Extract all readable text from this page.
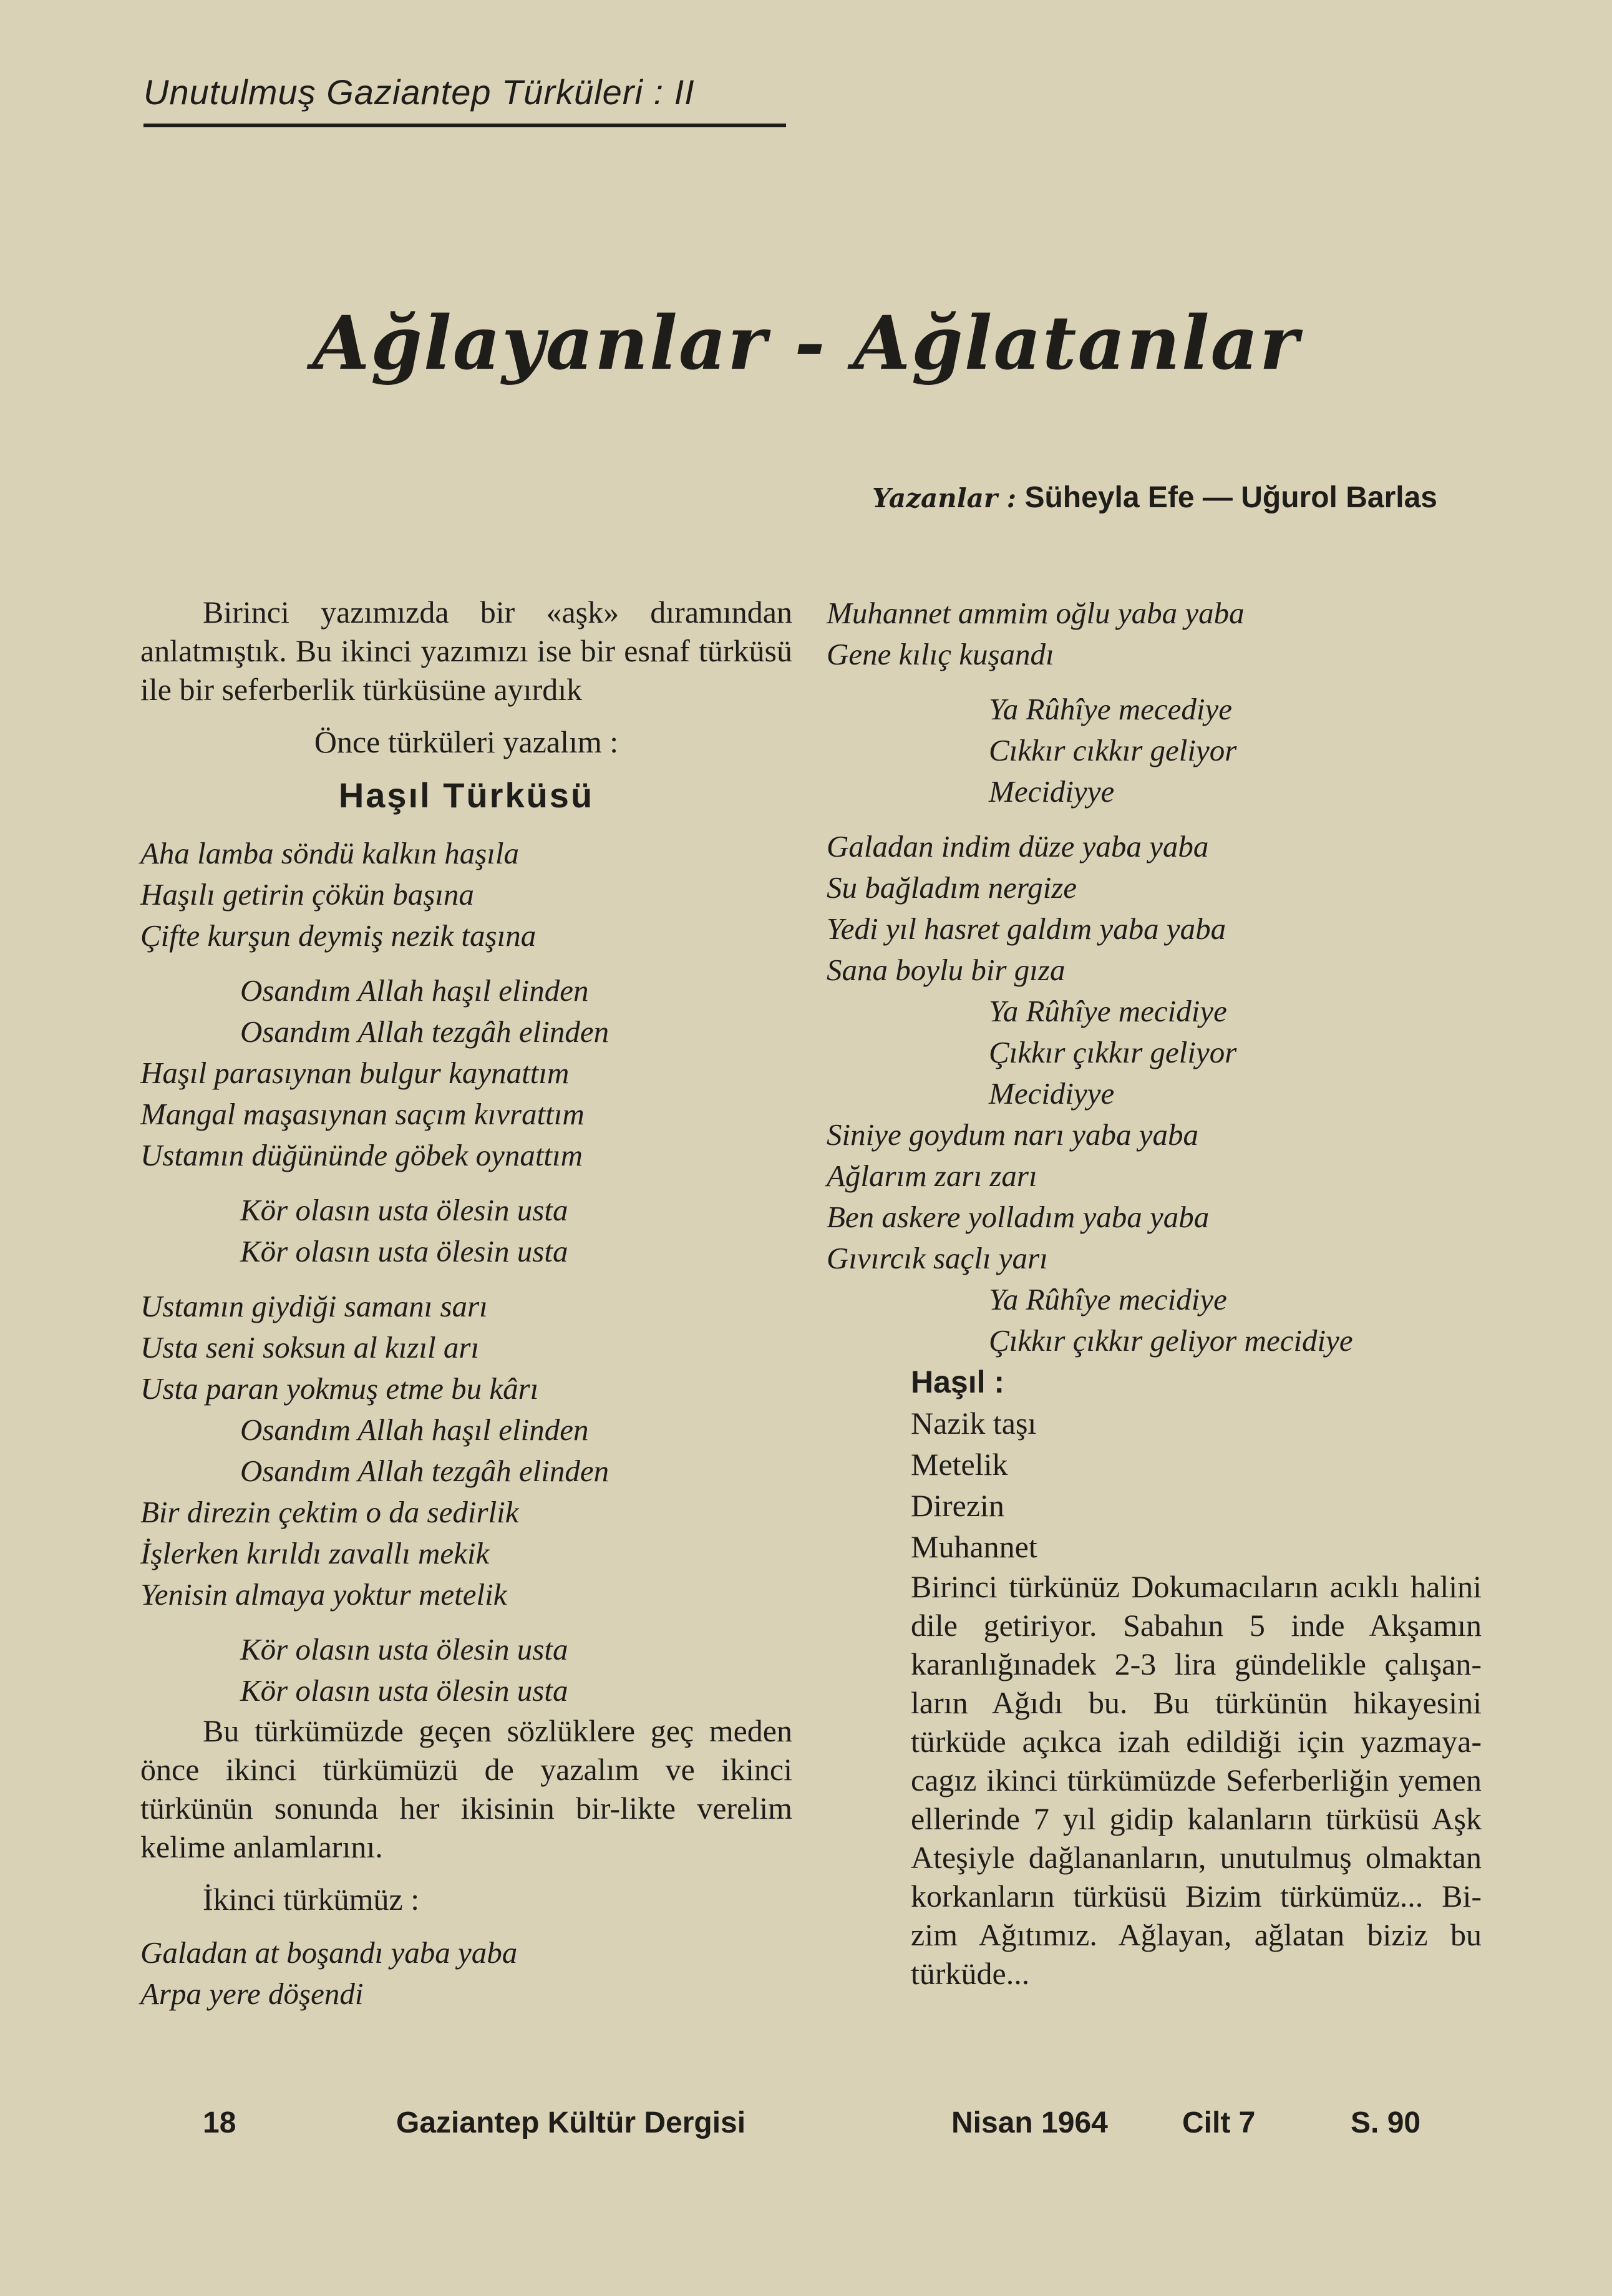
Unutulmuş Gaziantep Türküleri : II
Ağlayanlar - Ağlatanlar
Yazanlar : Süheyla Efe — Uğurol Barlas

Birinci yazımızda bir «aşk» dıramından anlatmıştık. Bu ikinci yazımızı ise bir esnaf türküsü ile bir seferberlik türküsüne ayırdık

Önce türküleri yazalım :

Haşıl Türküsü
Aha lamba söndü kalkın haşıla
Haşılı getirin çökün başına
Çifte kurşun deymiş nezik taşına
Osandım Allah haşıl elinden
Osandım Allah tezgâh elinden
Haşıl parasıynan bulgur kaynattım
Mangal maşasıynan saçım kıvrattım
Ustamın düğününde göbek oynattım
Kör olasın usta ölesin usta
Kör olasın usta ölesin usta
Ustamın giydiği samanı sarı
Usta seni soksun al kızıl arı
Usta paran yokmuş etme bu kârı
Osandım Allah haşıl elinden
Osandım Allah tezgâh elinden
Bir direzin çektim o da sedirlik
İşlerken kırıldı zavallı mekik
Yenisin almaya yoktur metelik
Kör olasın usta ölesin usta
Kör olasın usta ölesin usta

Bu türkümüzde geçen sözlüklere geç meden önce ikinci türkümüzü de yazalım ve ikinci türkünün sonunda her ikisinin bir-likte verelim kelime anlamlarını.

İkinci türkümüz :

Galadan at boşandı yaba yaba
Arpa yere döşendi
Muhannet ammim oğlu yaba yaba
Gene kılıç kuşandı
Ya Rûhîye mecediye
Cıkkır cıkkır geliyor
Mecidiyye
Galadan indim düze yaba yaba
Su bağladım nergize
Yedi yıl hasret galdım yaba yaba
Sana boylu bir gıza
Ya Rûhîye mecidiye
Çıkkır çıkkır geliyor
Mecidiyye
Siniye goydum narı yaba yaba
Ağlarım zarı zarı
Ben askere yolladım yaba yaba
Gıvırcık saçlı yarı
Ya Rûhîye mecidiye
Çıkkır çıkkır geliyor mecidiye
Haşıl :
Nazik taşı
Metelik
Direzin
Muhannet

Birinci türkünüz Dokumacıların acıklı halini dile getiriyor. Sabahın 5 inde Akşamın karanlığınadek 2-3 lira gündelikle çalışan-ların Ağıdı bu. Bu türkünün hikayesini türküde açıkca izah edildiği için yazmaya-cagız ikinci türkümüzde Seferberliğin yemen ellerinde 7 yıl gidip kalanların türküsü Aşk Ateşiyle dağlananların, unutulmuş olmaktan korkanların türküsü Bizim türkümüz... Bi-zim Ağıtımız. Ağlayan, ağlatan biziz bu türküde...

18	Gaziantep Kültür Dergisi	Nisan 1964 Cilt 7	S. 90
